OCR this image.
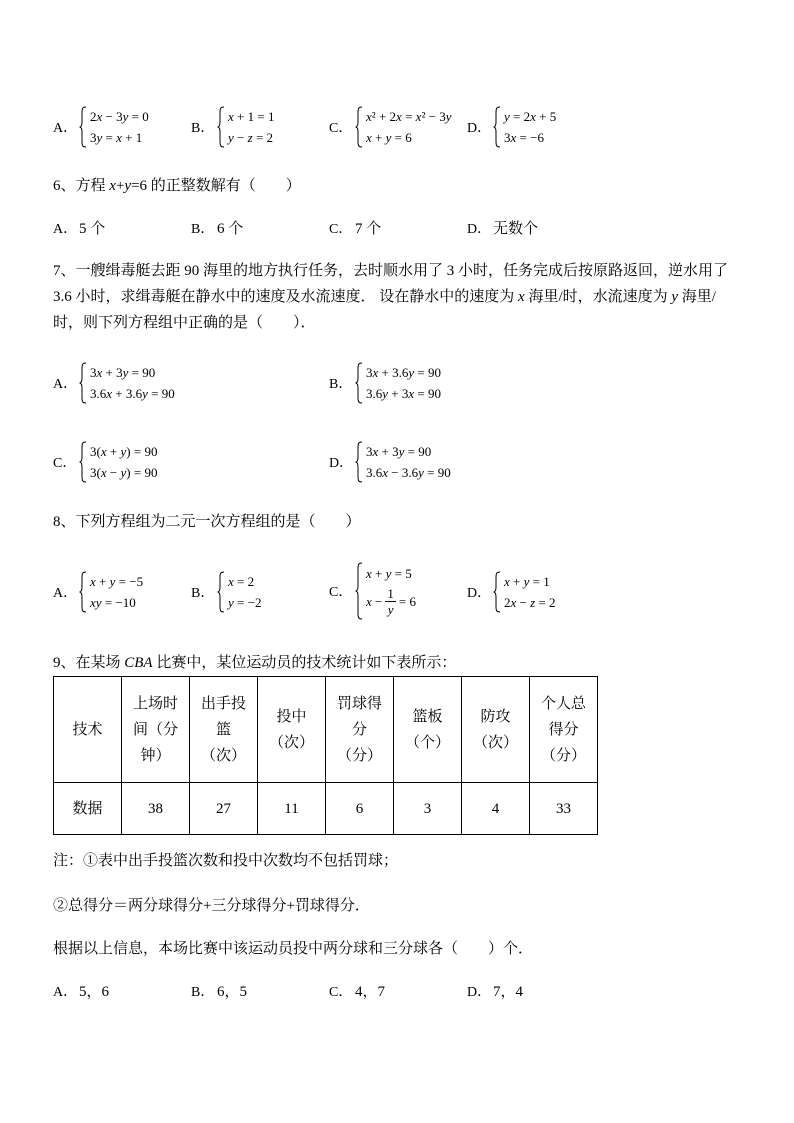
A．
2x − 3y = 0
3y = x + 1
B．
x + 1 = 1
y − z = 2
C．
x² + 2x = x² − 3y
x + y = 6
D．
y = 2x + 5
3x = −6
6、方程 x+y=6 的正整数解有（　　）
A． 5 个	B． 6 个	C． 7 个	D． 无数个
7、一艘缉毒艇去距 90 海里的地方执行任务，去时顺水用了 3 小时，任务完成后按原路返回，逆水用了 3.6 小时，求缉毒艇在静水中的速度及水流速度． 设在静水中的速度为 x 海里/时，水流速度为 y 海里/时，则下列方程组中正确的是（　　）．
A．
3x + 3y = 90
3.6x + 3.6y = 90
B．
3x + 3.6y = 90
3.6y + 3x = 90
C．
3(x + y) = 90
3(x − y) = 90
D．
3x + 3y = 90
3.6x − 3.6y = 90
8、下列方程组为二元一次方程组的是（　　）
A．
x + y = −5
xy = −10
B．
x = 2
y = −2
C．
x + y = 5
$x - \frac{1}{y} = 6$
D．
x + y = 1
2x − z = 2
9、在某场 CBA 比赛中，某位运动员的技术统计如下表所示：
技术	上场时间（分钟）	出手投篮（次）	投中（次）	罚球得分（分）	篮板（个）	防攻（次）	个人总得分（分）

数据	38	27	11	6	3	4	33
注：①表中出手投篮次数和投中次数均不包括罚球；
②总得分＝两分球得分+三分球得分+罚球得分．
根据以上信息，本场比赛中该运动员投中两分球和三分球各（　　）个．
A． 5，6	B． 6，5	C． 4，7	D． 7，4
